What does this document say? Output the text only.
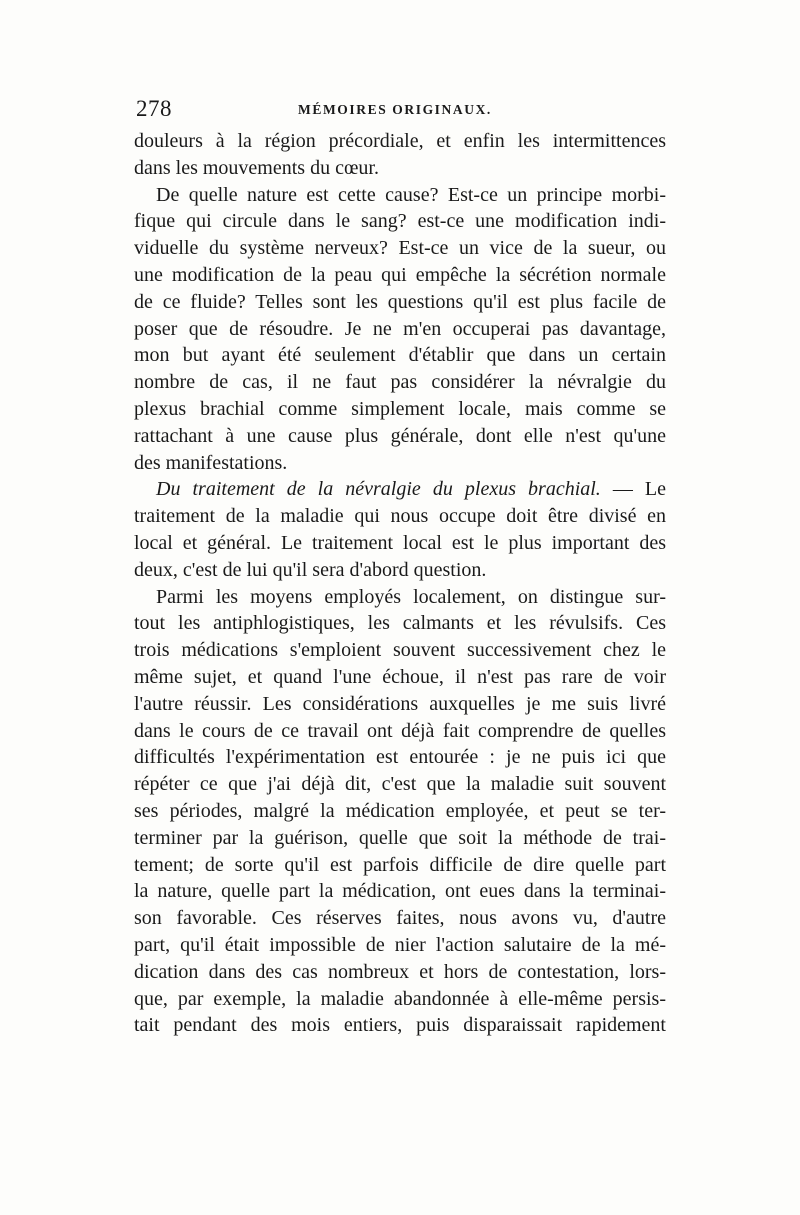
278	MÉMOIRES ORIGINAUX.
douleurs à la région précordiale, et enfin les intermittences
dans les mouvements du cœur.
De quelle nature est cette cause? Est-ce un principe morbi-
fique qui circule dans le sang? est-ce une modification indi-
viduelle du système nerveux? Est-ce un vice de la sueur, ou
une modification de la peau qui empêche la sécrétion normale
de ce fluide? Telles sont les questions qu'il est plus facile de
poser que de résoudre. Je ne m'en occuperai pas davantage,
mon but ayant été seulement d'établir que dans un certain
nombre de cas, il ne faut pas considérer la névralgie du
plexus brachial comme simplement locale, mais comme se
rattachant à une cause plus générale, dont elle n'est qu'une
des manifestations.
Du traitement de la névralgie du plexus brachial. — Le
traitement de la maladie qui nous occupe doit être divisé en
local et général. Le traitement local est le plus important des
deux, c'est de lui qu'il sera d'abord question.
Parmi les moyens employés localement, on distingue sur-
tout les antiphlogistiques, les calmants et les révulsifs. Ces
trois médications s'emploient souvent successivement chez le
même sujet, et quand l'une échoue, il n'est pas rare de voir
l'autre réussir. Les considérations auxquelles je me suis livré
dans le cours de ce travail ont déjà fait comprendre de quelles
difficultés l'expérimentation est entourée : je ne puis ici que
répéter ce que j'ai déjà dit, c'est que la maladie suit souvent
ses périodes, malgré la médication employée, et peut se ter-
terminer par la guérison, quelle que soit la méthode de trai-
tement; de sorte qu'il est parfois difficile de dire quelle part
la nature, quelle part la médication, ont eues dans la terminai-
son favorable. Ces réserves faites, nous avons vu, d'autre
part, qu'il était impossible de nier l'action salutaire de la mé-
dication dans des cas nombreux et hors de contestation, lors-
que, par exemple, la maladie abandonnée à elle-même persis-
tait pendant des mois entiers, puis disparaissait rapidement
